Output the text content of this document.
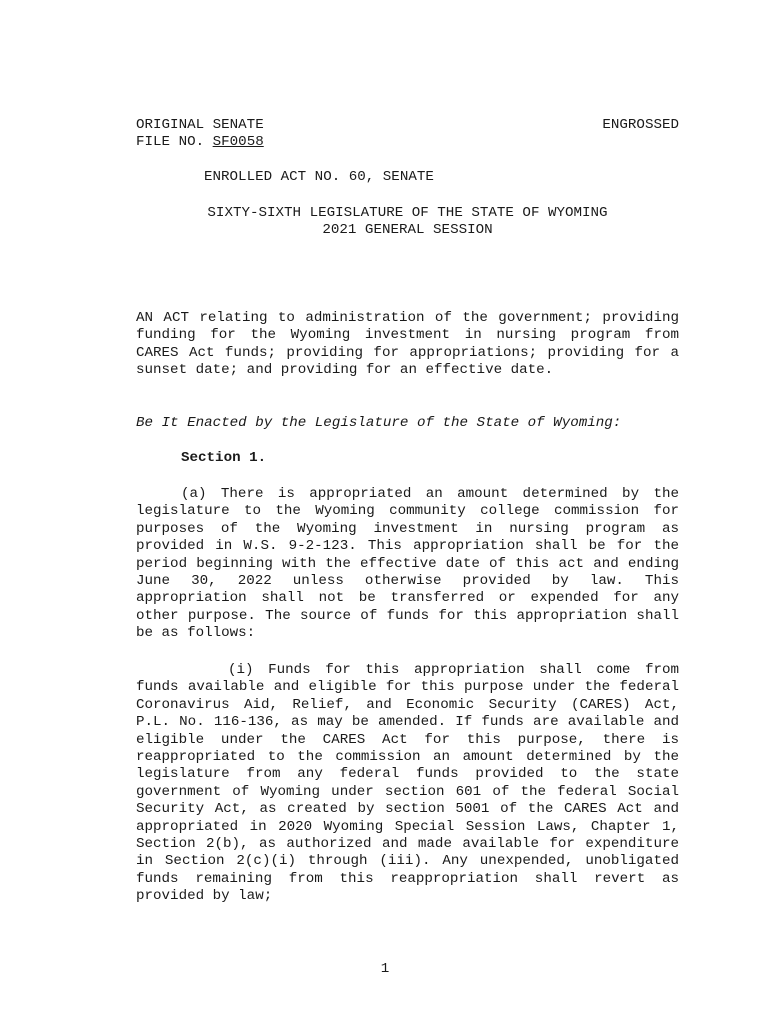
ORIGINAL SENATE
FILE NO. SF0058
ENGROSSED
ENROLLED ACT NO. 60, SENATE
SIXTY-SIXTH LEGISLATURE OF THE STATE OF WYOMING
2021 GENERAL SESSION
AN ACT relating to administration of the government; providing funding for the Wyoming investment in nursing program from CARES Act funds; providing for appropriations; providing for a sunset date; and providing for an effective date.
Be It Enacted by the Legislature of the State of Wyoming:
Section 1.
(a) There is appropriated an amount determined by the legislature to the Wyoming community college commission for purposes of the Wyoming investment in nursing program as provided in W.S. 9-2-123. This appropriation shall be for the period beginning with the effective date of this act and ending June 30, 2022 unless otherwise provided by law. This appropriation shall not be transferred or expended for any other purpose. The source of funds for this appropriation shall be as follows:
(i) Funds for this appropriation shall come from funds available and eligible for this purpose under the federal Coronavirus Aid, Relief, and Economic Security (CARES) Act, P.L. No. 116-136, as may be amended. If funds are available and eligible under the CARES Act for this purpose, there is reappropriated to the commission an amount determined by the legislature from any federal funds provided to the state government of Wyoming under section 601 of the federal Social Security Act, as created by section 5001 of the CARES Act and appropriated in 2020 Wyoming Special Session Laws, Chapter 1, Section 2(b), as authorized and made available for expenditure in Section 2(c)(i) through (iii). Any unexpended, unobligated funds remaining from this reappropriation shall revert as provided by law;
1
